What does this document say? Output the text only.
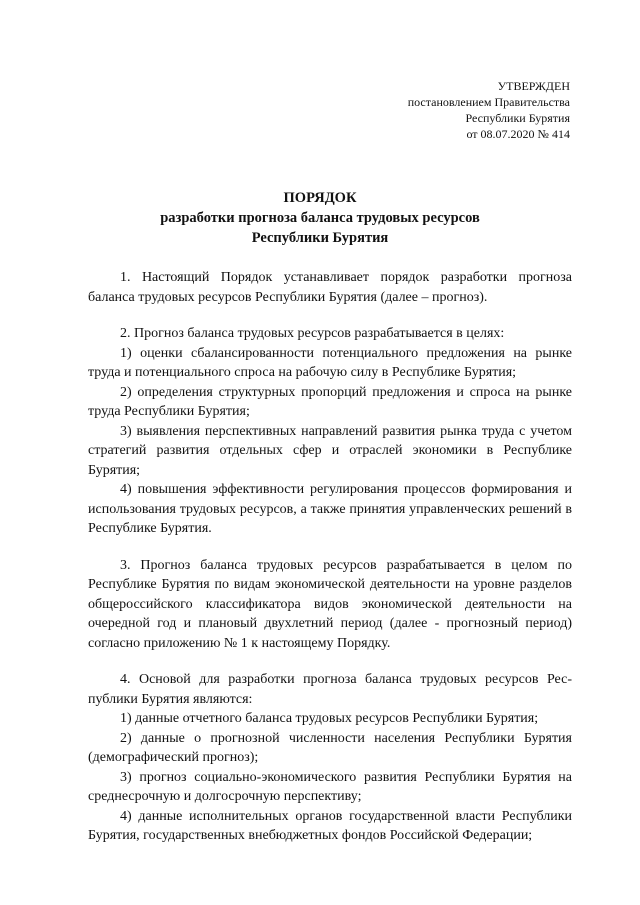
УТВЕРЖДЕН
постановлением Правительства
Республики Бурятия
от 08.07.2020 № 414
ПОРЯДОК
разработки прогноза баланса трудовых ресурсов
Республики Бурятия

1. Настоящий Порядок устанавливает порядок разработки прогноза баланса трудовых ресурсов Республики Бурятия (далее – прогноз).

2. Прогноз баланса трудовых ресурсов разрабатывается в целях:

1) оценки сбалансированности потенциального предложения на рынке труда и потенциального спроса на рабочую силу в Республике Бурятия;

2) определения структурных пропорций предложения и спроса на рынке труда Республики Бурятия;

3) выявления перспективных направлений развития рынка труда с учетом стратегий развития отдельных сфер и отраслей экономики в Республике Бурятия;

4) повышения эффективности регулирования процессов формирования и использования трудовых ресурсов, а также принятия управленческих решений в Республике Бурятия.

3. Прогноз баланса трудовых ресурсов разрабатывается в целом по Республике Бурятия по видам экономической деятельности на уровне разделов общероссийского классификатора видов экономической деятельности на очередной год и плановый двухлетний период (далее - прогнозный период) согласно приложению № 1 к настоящему Порядку.

4. Основой для разработки прогноза баланса трудовых ресурсов Республики Бурятия являются:

1) данные отчетного баланса трудовых ресурсов Республики Бурятия;

2) данные о прогнозной численности населения Республики Бурятия (демографический прогноз);

3) прогноз социально-экономического развития Республики Бурятия на среднесрочную и долгосрочную перспективу;

4) данные исполнительных органов государственной власти Республики Бурятия, государственных внебюджетных фондов Российской Федерации;
